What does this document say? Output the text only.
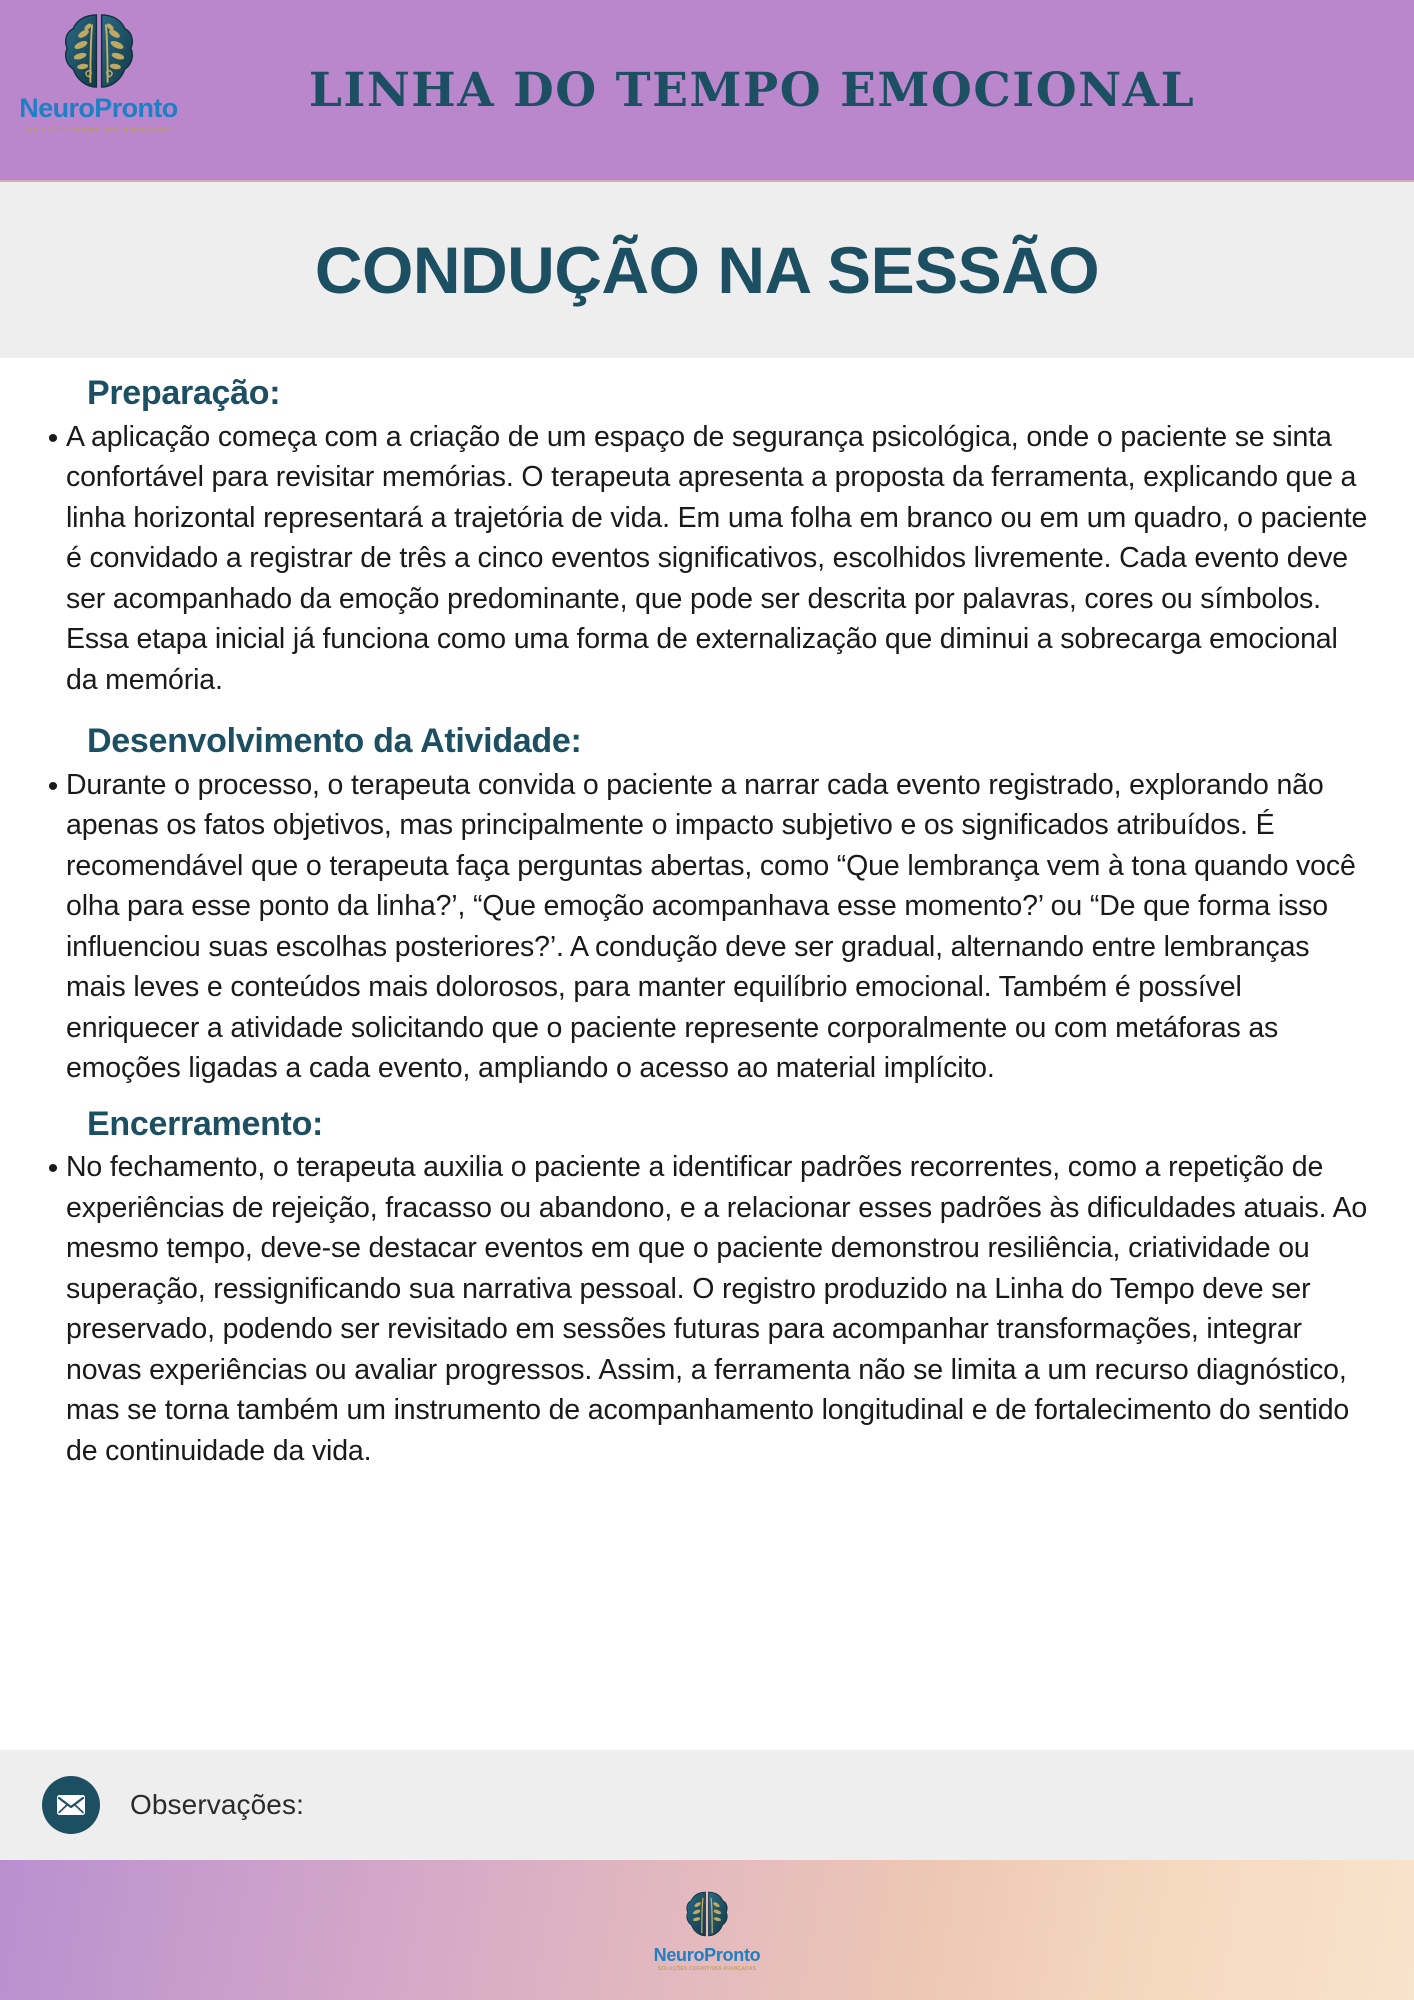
NeuroPronto
SOLUÇÕES COGNITIVAS AVANÇADAS
LINHA DO TEMPO EMOCIONAL
CONDUÇÃO NA SESSÃO
Preparação:
• A aplicação começa com a criação de um espaço de segurança psicológica, onde o paciente se sinta confortável para revisitar memórias. O terapeuta apresenta a proposta da ferramenta, explicando que a linha horizontal representará a trajetória de vida. Em uma folha em branco ou em um quadro, o paciente é convidado a registrar de três a cinco eventos significativos, escolhidos livremente. Cada evento deve ser acompanhado da emoção predominante, que pode ser descrita por palavras, cores ou símbolos. Essa etapa inicial já funciona como uma forma de externalização que diminui a sobrecarga emocional da memória.

Desenvolvimento da Atividade:
• Durante o processo, o terapeuta convida o paciente a narrar cada evento registrado, explorando não apenas os fatos objetivos, mas principalmente o impacto subjetivo e os significados atribuídos. É recomendável que o terapeuta faça perguntas abertas, como “Que lembrança vem à tona quando você olha para esse ponto da linha?’, “Que emoção acompanhava esse momento?’ ou “De que forma isso influenciou suas escolhas posteriores?’. A condução deve ser gradual, alternando entre lembranças mais leves e conteúdos mais dolorosos, para manter equilíbrio emocional. Também é possível enriquecer a atividade solicitando que o paciente represente corporalmente ou com metáforas as emoções ligadas a cada evento, ampliando o acesso ao material implícito.

Encerramento:
• No fechamento, o terapeuta auxilia o paciente a identificar padrões recorrentes, como a repetição de experiências de rejeição, fracasso ou abandono, e a relacionar esses padrões às dificuldades atuais. Ao mesmo tempo, deve-se destacar eventos em que o paciente demonstrou resiliência, criatividade ou superação, ressignificando sua narrativa pessoal. O registro produzido na Linha do Tempo deve ser preservado, podendo ser revisitado em sessões futuras para acompanhar transformações, integrar novas experiências ou avaliar progressos. Assim, a ferramenta não se limita a um recurso diagnóstico, mas se torna também um instrumento de acompanhamento longitudinal e de fortalecimento do sentido de continuidade da vida.

Observações:
NeuroPronto
SOLUÇÕES COGNITIVAS AVANÇADAS
